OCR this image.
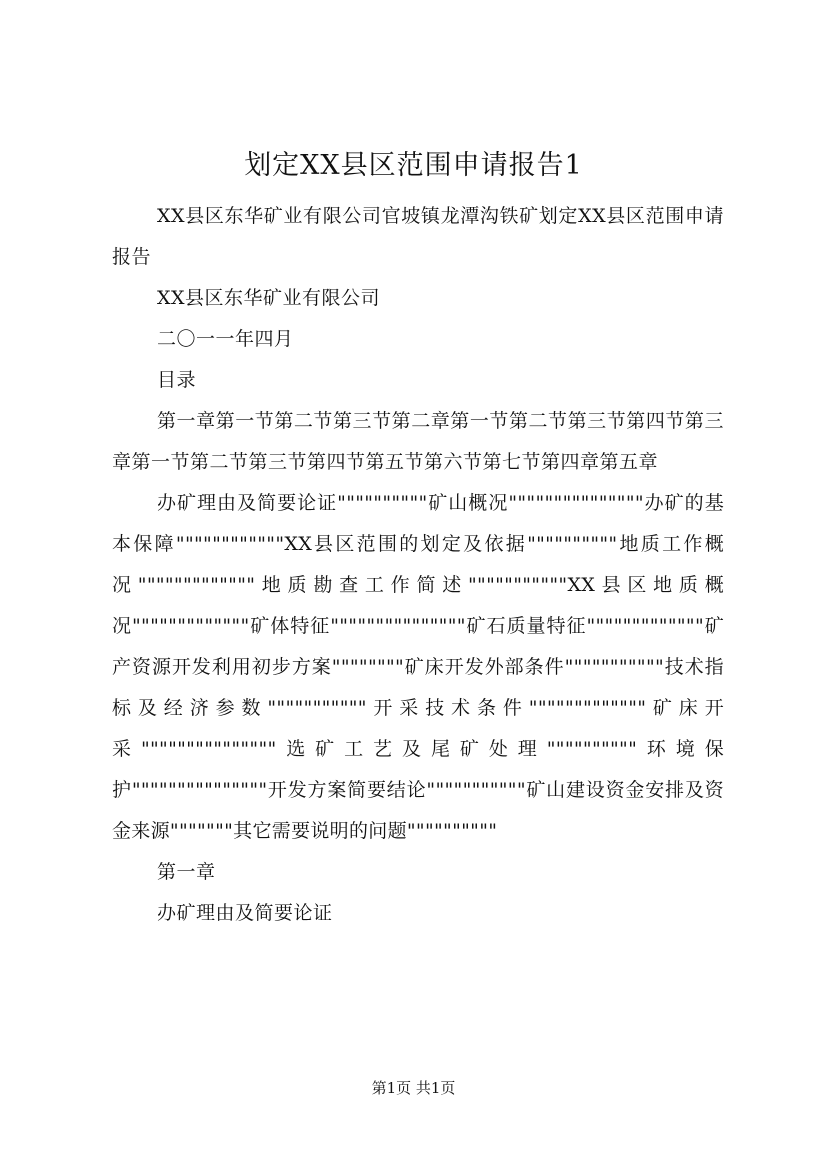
划定XX县区范围申请报告1

XX县区东华矿业有限公司官坡镇龙潭沟铁矿划定XX县区范围申请报告

XX县区东华矿业有限公司

二〇一一年四月

目录

第一章第一节第二节第三节第二章第一节第二节第三节第四节第三章第一节第二节第三节第四节第五节第六节第七节第四章第五章

办矿理由及简要论证""""""""""矿山概况"""""""""""""""办矿的基本保障""""""""""""XX县区范围的划定及依据""""""""""地质工作概况"""""""""""""地质勘查工作简述"""""""""""XX县区地质概况"""""""""""""矿体特征"""""""""""""""矿石质量特征"""""""""""""矿产资源开发利用初步方案""""""""矿床开发外部条件"""""""""""技术指标及经济参数"""""""""""开采技术条件"""""""""""""矿床开采"""""""""""""""选矿工艺及尾矿处理""""""""""环境保护"""""""""""""""开发方案简要结论"""""""""""矿山建设资金安排及资金来源"""""""其它需要说明的问题""""""""""

第一章

办矿理由及简要论证

第1页 共1页
